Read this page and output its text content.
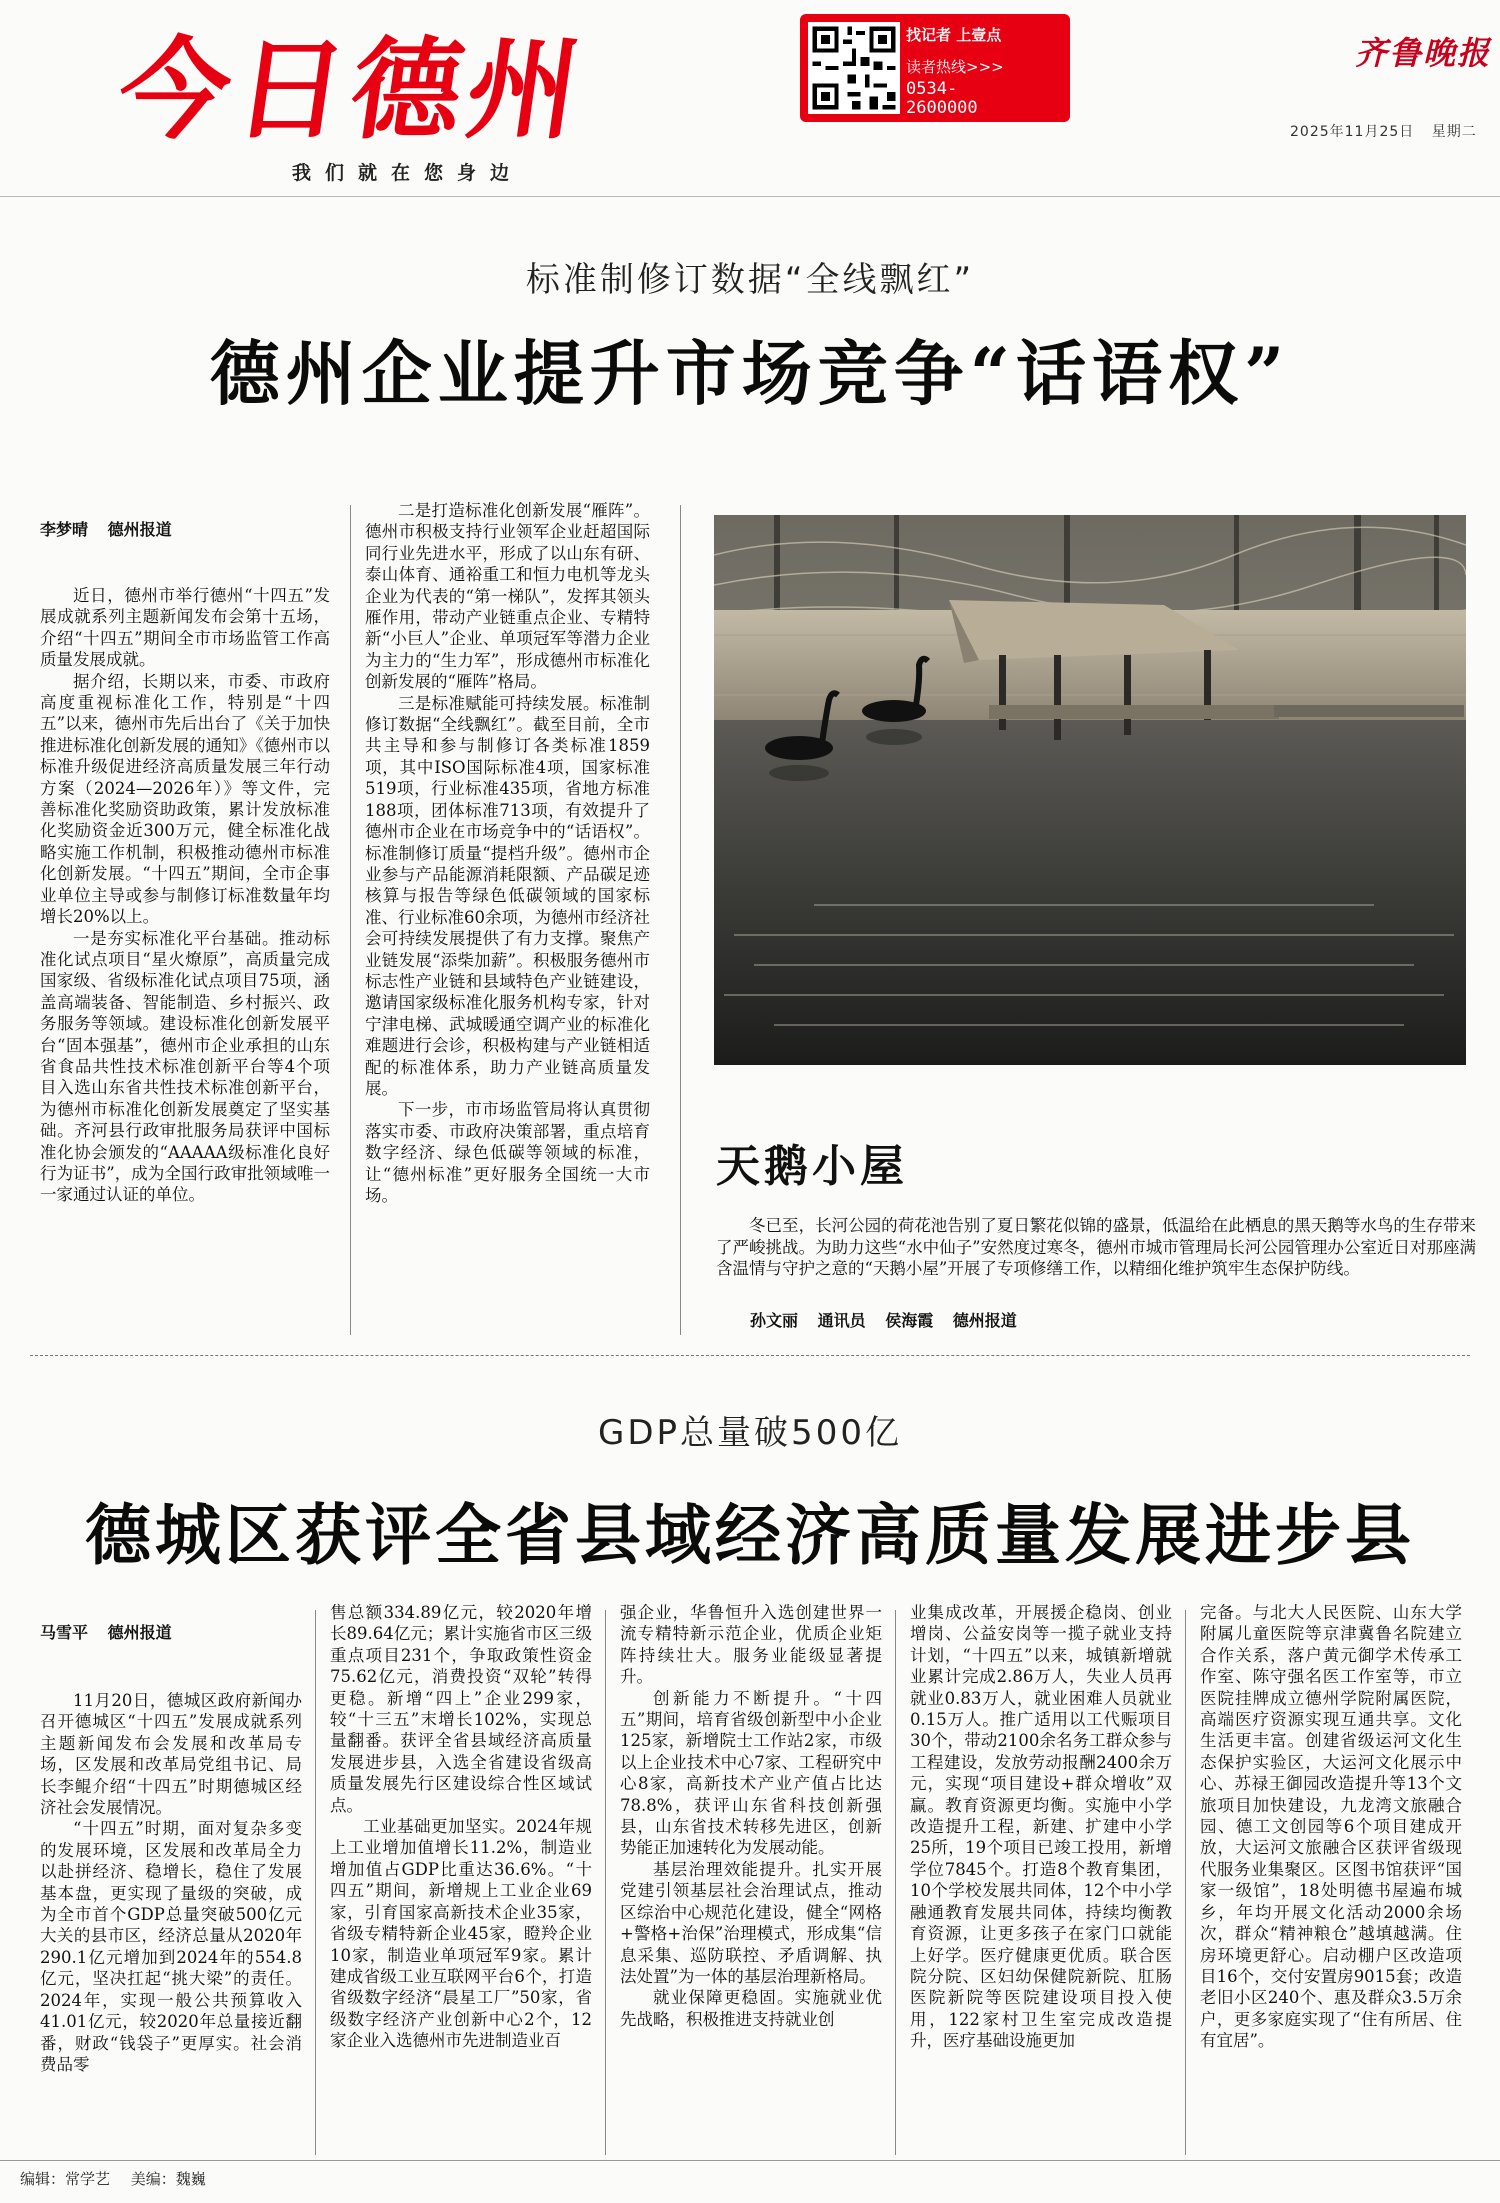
今日德州
我们就在您身边
找记者 上壹点
读者热线>>>
0534-2600000
齐鲁晚报
2025年11月25日 星期二
标准制修订数据“全线飘红”
德州企业提升市场竞争“话语权”
李梦晴 德州报道

近日，德州市举行德州“十四五”发展成就系列主题新闻发布会第十五场，介绍“十四五”期间全市市场监管工作高质量发展成就。

据介绍，长期以来，市委、市政府高度重视标准化工作，特别是“十四五”以来，德州市先后出台了《关于加快推进标准化创新发展的通知》《德州市以标准升级促进经济高质量发展三年行动方案（2024—2026年）》等文件，完善标准化奖励资助政策，累计发放标准化奖励资金近300万元，健全标准化战略实施工作机制，积极推动德州市标准化创新发展。“十四五”期间，全市企事业单位主导或参与制修订标准数量年均增长20%以上。

一是夯实标准化平台基础。推动标准化试点项目“星火燎原”，高质量完成国家级、省级标准化试点项目75项，涵盖高端装备、智能制造、乡村振兴、政务服务等领域。建设标准化创新发展平台“固本强基”，德州市企业承担的山东省食品共性技术标准创新平台等4个项目入选山东省共性技术标准创新平台，为德州市标准化创新发展奠定了坚实基础。齐河县行政审批服务局获评中国标准化协会颁发的“AAAAA级标准化良好行为证书”，成为全国行政审批领域唯一一家通过认证的单位。

二是打造标准化创新发展“雁阵”。德州市积极支持行业领军企业赶超国际同行业先进水平，形成了以山东有研、泰山体育、通裕重工和恒力电机等龙头企业为代表的“第一梯队”，发挥其领头雁作用，带动产业链重点企业、专精特新“小巨人”企业、单项冠军等潜力企业为主力的“生力军”，形成德州市标准化创新发展的“雁阵”格局。

三是标准赋能可持续发展。标准制修订数据“全线飘红”。截至目前，全市共主导和参与制修订各类标准1859项，其中ISO国际标准4项，国家标准519项，行业标准435项，省地方标准188项，团体标准713项，有效提升了德州市企业在市场竞争中的“话语权”。标准制修订质量“提档升级”。德州市企业参与产品能源消耗限额、产品碳足迹核算与报告等绿色低碳领域的国家标准、行业标准60余项，为德州市经济社会可持续发展提供了有力支撑。聚焦产业链发展“添柴加薪”。积极服务德州市标志性产业链和县域特色产业链建设，邀请国家级标准化服务机构专家，针对宁津电梯、武城暖通空调产业的标准化难题进行会诊，积极构建与产业链相适配的标准体系，助力产业链高质量发展。

下一步，市市场监管局将认真贯彻落实市委、市政府决策部署，重点培育数字经济、绿色低碳等领域的标准，让“德州标准”更好服务全国统一大市场。

天鹅小屋
冬已至，长河公园的荷花池告别了夏日繁花似锦的盛景，低温给在此栖息的黑天鹅等水鸟的生存带来了严峻挑战。为助力这些“水中仙子”安然度过寒冬，德州市城市管理局长河公园管理办公室近日对那座满含温情与守护之意的“天鹅小屋”开展了专项修缮工作，以精细化维护筑牢生态保护防线。
孙文丽 通讯员 侯海霞 德州报道
GDP总量破500亿
德城区获评全省县域经济高质量发展进步县
马雪平 德州报道

11月20日，德城区政府新闻办召开德城区“十四五”发展成就系列主题新闻发布会发展和改革局专场，区发展和改革局党组书记、局长李鲲介绍“十四五”时期德城区经济社会发展情况。

“十四五”时期，面对复杂多变的发展环境，区发展和改革局全力以赴拼经济、稳增长，稳住了发展基本盘，更实现了量级的突破，成为全市首个GDP总量突破500亿元大关的县市区，经济总量从2020年290.1亿元增加到2024年的554.8亿元，坚决扛起“挑大梁”的责任。2024年，实现一般公共预算收入41.01亿元，较2020年总量接近翻番，财政“钱袋子”更厚实。社会消费品零

售总额334.89亿元，较2020年增长89.64亿元；累计实施省市区三级重点项目231个，争取政策性资金75.62亿元，消费投资“双轮”转得更稳。新增“四上”企业299家，较“十三五”末增长102%，实现总量翻番。获评全省县域经济高质量发展进步县，入选全省建设省级高质量发展先行区建设综合性区域试点。

工业基础更加坚实。2024年规上工业增加值增长11.2%，制造业增加值占GDP比重达36.6%。“十四五”期间，新增规上工业企业69家，引育国家高新技术企业35家，省级专精特新企业45家，瞪羚企业10家，制造业单项冠军9家。累计建成省级工业互联网平台6个，打造省级数字经济“晨星工厂”50家，省级数字经济产业创新中心2个，12家企业入选德州市先进制造业百

强企业，华鲁恒升入选创建世界一流专精特新示范企业，优质企业矩阵持续壮大。服务业能级显著提升。

创新能力不断提升。“十四五”期间，培育省级创新型中小企业125家，新增院士工作站2家，市级以上企业技术中心7家、工程研究中心8家，高新技术产业产值占比达78.8%，获评山东省科技创新强县，山东省技术转移先进区，创新势能正加速转化为发展动能。

基层治理效能提升。扎实开展党建引领基层社会治理试点，推动区综治中心规范化建设，健全“网格+警格+治保”治理模式，形成集“信息采集、巡防联控、矛盾调解、执法处置”为一体的基层治理新格局。

就业保障更稳固。实施就业优先战略，积极推进支持就业创

业集成改革，开展援企稳岗、创业增岗、公益安岗等一揽子就业支持计划，“十四五”以来，城镇新增就业累计完成2.86万人，失业人员再就业0.83万人，就业困难人员就业0.15万人。推广适用以工代赈项目30个，带动2100余名务工群众参与工程建设，发放劳动报酬2400余万元，实现“项目建设+群众增收”双赢。教育资源更均衡。实施中小学改造提升工程，新建、扩建中小学25所，19个项目已竣工投用，新增学位7845个。打造8个教育集团，10个学校发展共同体，12个中小学融通教育发展共同体，持续均衡教育资源，让更多孩子在家门口就能上好学。医疗健康更优质。联合医院分院、区妇幼保健院新院、肛肠医院新院等医院建设项目投入使用，122家村卫生室完成改造提升，医疗基础设施更加

完备。与北大人民医院、山东大学附属儿童医院等京津冀鲁名院建立合作关系，落户黄元御学术传承工作室、陈守强名医工作室等，市立医院挂牌成立德州学院附属医院，高端医疗资源实现互通共享。文化生活更丰富。创建省级运河文化生态保护实验区，大运河文化展示中心、苏禄王御园改造提升等13个文旅项目加快建设，九龙湾文旅融合园、德工文创园等6个项目建成开放，大运河文旅融合区获评省级现代服务业集聚区。区图书馆获评“国家一级馆”，18处明德书屋遍布城乡，年均开展文化活动2000余场次，群众“精神粮仓”越填越满。住房环境更舒心。启动棚户区改造项目16个，交付安置房9015套；改造老旧小区240个、惠及群众3.5万余户，更多家庭实现了“住有所居、住有宜居”。

编辑：常学艺 美编：魏巍
